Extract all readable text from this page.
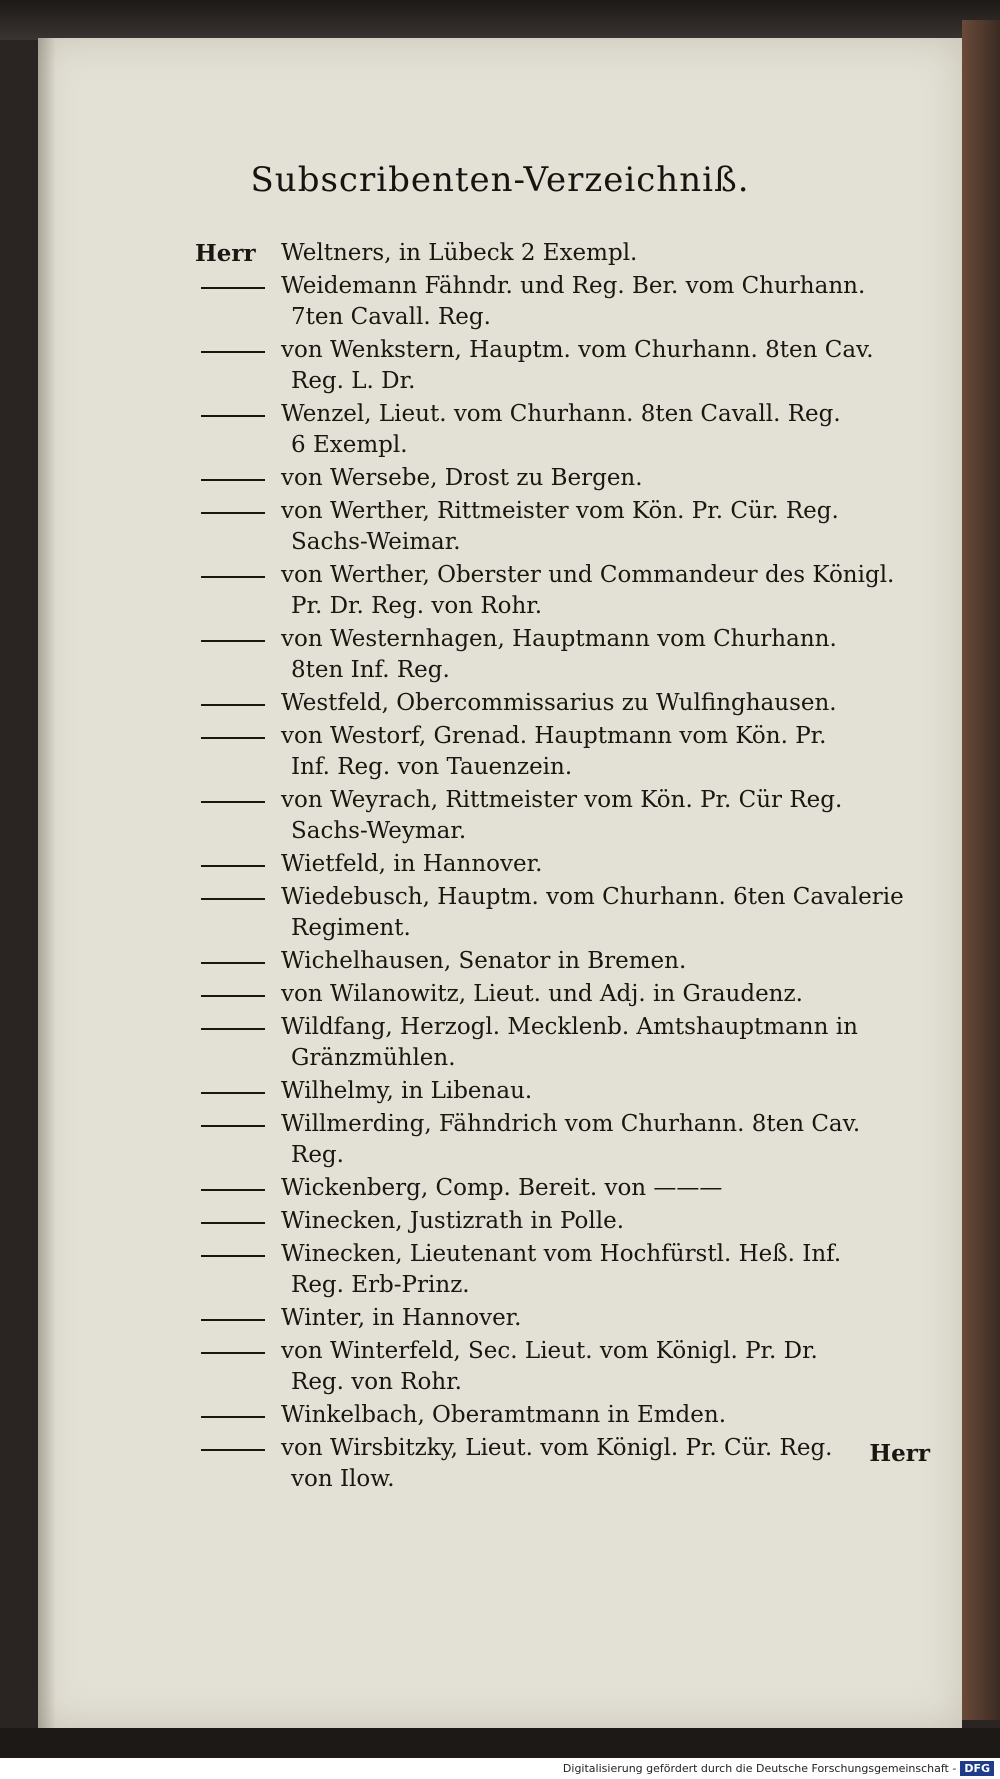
Subscribenten-Verzeichniß.
Herr Weltners, in Lübeck 2 Exempl.
Weidemann Fähndr. und Reg. Ber. vom Churhann.
7ten Cavall. Reg.
von Wenkstern, Hauptm. vom Churhann. 8ten Cav.
Reg. L. Dr.
Wenzel, Lieut. vom Churhann. 8ten Cavall. Reg.
6 Exempl.
von Wersebe, Drost zu Bergen.
von Werther, Rittmeister vom Kön. Pr. Cür. Reg.
Sachs-Weimar.
von Werther, Oberster und Commandeur des Königl.
Pr. Dr. Reg. von Rohr.
von Westernhagen, Hauptmann vom Churhann.
8ten Inf. Reg.
Westfeld, Obercommissarius zu Wulfinghausen.
von Westorf, Grenad. Hauptmann vom Kön. Pr.
Inf. Reg. von Tauenzein.
von Weyrach, Rittmeister vom Kön. Pr. Cür Reg.
Sachs-Weymar.
Wietfeld, in Hannover.
Wiedebusch, Hauptm. vom Churhann. 6ten Cavalerie
Regiment.
Wichelhausen, Senator in Bremen.
von Wilanowitz, Lieut. und Adj. in Graudenz.
Wildfang, Herzogl. Mecklenb. Amtshauptmann in
Gränzmühlen.
Wilhelmy, in Libenau.
Willmerding, Fähndrich vom Churhann. 8ten Cav.
Reg.
Wickenberg, Comp. Bereit. von ———
Winecken, Justizrath in Polle.
Winecken, Lieutenant vom Hochfürstl. Heß. Inf.
Reg. Erb-Prinz.
Winter, in Hannover.
von Winterfeld, Sec. Lieut. vom Königl. Pr. Dr.
Reg. von Rohr.
Winkelbach, Oberamtmann in Emden.
von Wirsbitzky, Lieut. vom Königl. Pr. Cür. Reg.
von Ilow.
Herr
Digitalisierung gefördert durch die Deutsche Forschungsgemeinschaft - DFG
